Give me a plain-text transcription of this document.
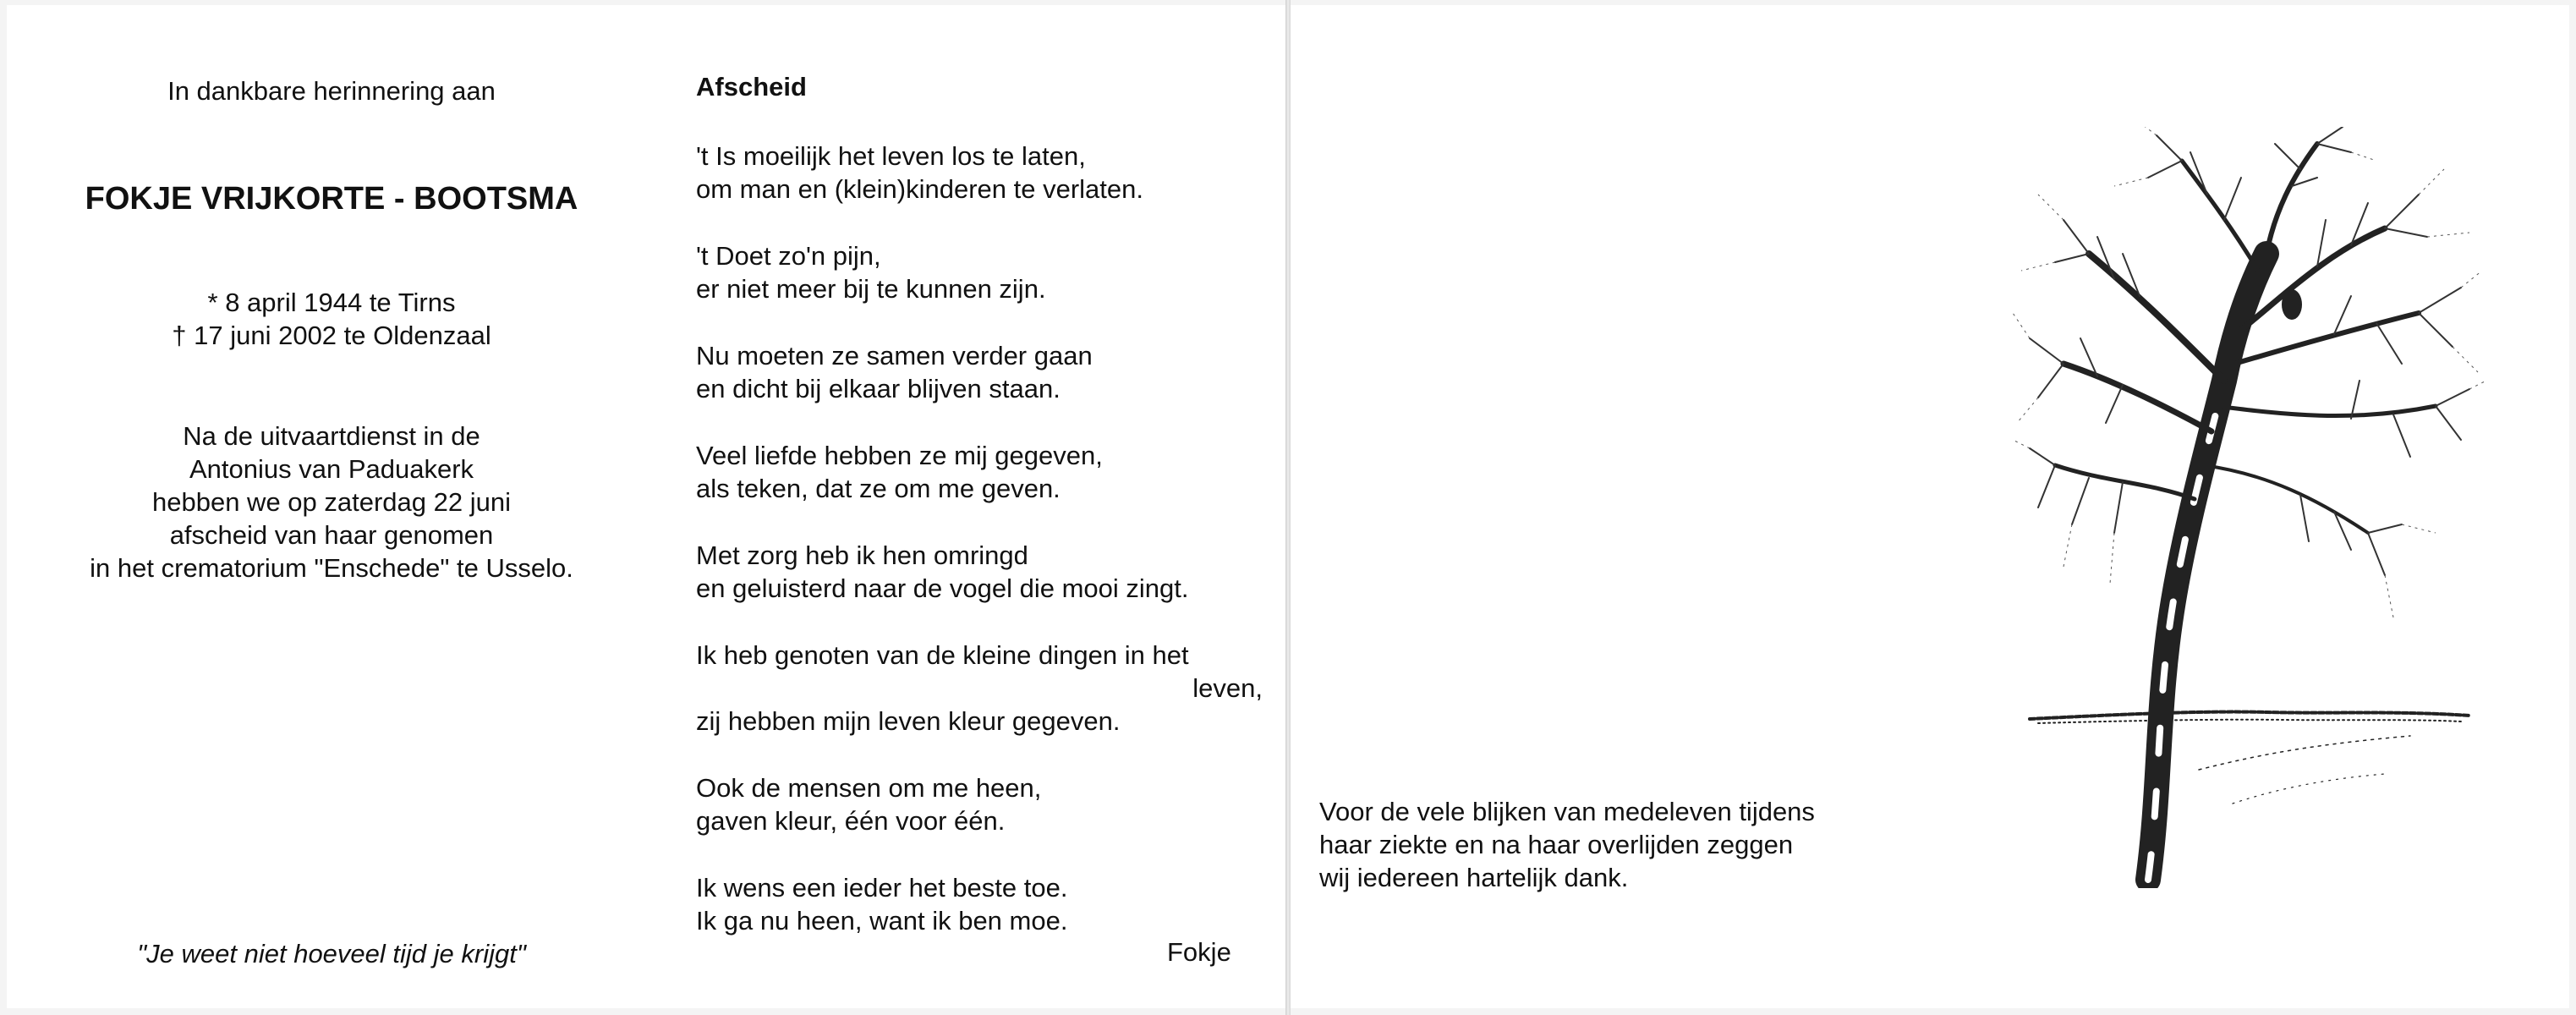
In dankbare herinnering aan
FOKJE VRIJKORTE - BOOTSMA
* 8 april 1944 te Tirns
† 17 juni 2002 te Oldenzaal
Na de uitvaartdienst in de
Antonius van Paduakerk
hebben we op zaterdag 22 juni
afscheid van haar genomen
in het crematorium "Enschede" te Usselo.
"Je weet niet hoeveel tijd je krijgt"
Afscheid
't Is moeilijk het leven los te laten,
om man en (klein)kinderen te verlaten.
't Doet zo'n pijn,
er niet meer bij te kunnen zijn.
Nu moeten ze samen verder gaan
en dicht bij elkaar blijven staan.
Veel liefde hebben ze mij gegeven,
als teken, dat ze om me geven.
Met zorg heb ik hen omringd
en geluisterd naar de vogel die mooi zingt.
Ik heb genoten van de kleine dingen in het
leven,
zij hebben mijn leven kleur gegeven.
Ook de mensen om me heen,
gaven kleur, één voor één.
Ik wens een ieder het beste toe.
Ik ga nu heen, want ik ben moe.
Fokje
Voor de vele blijken van medeleven tijdens
haar ziekte en na haar overlijden zeggen
wij iedereen hartelijk dank.
